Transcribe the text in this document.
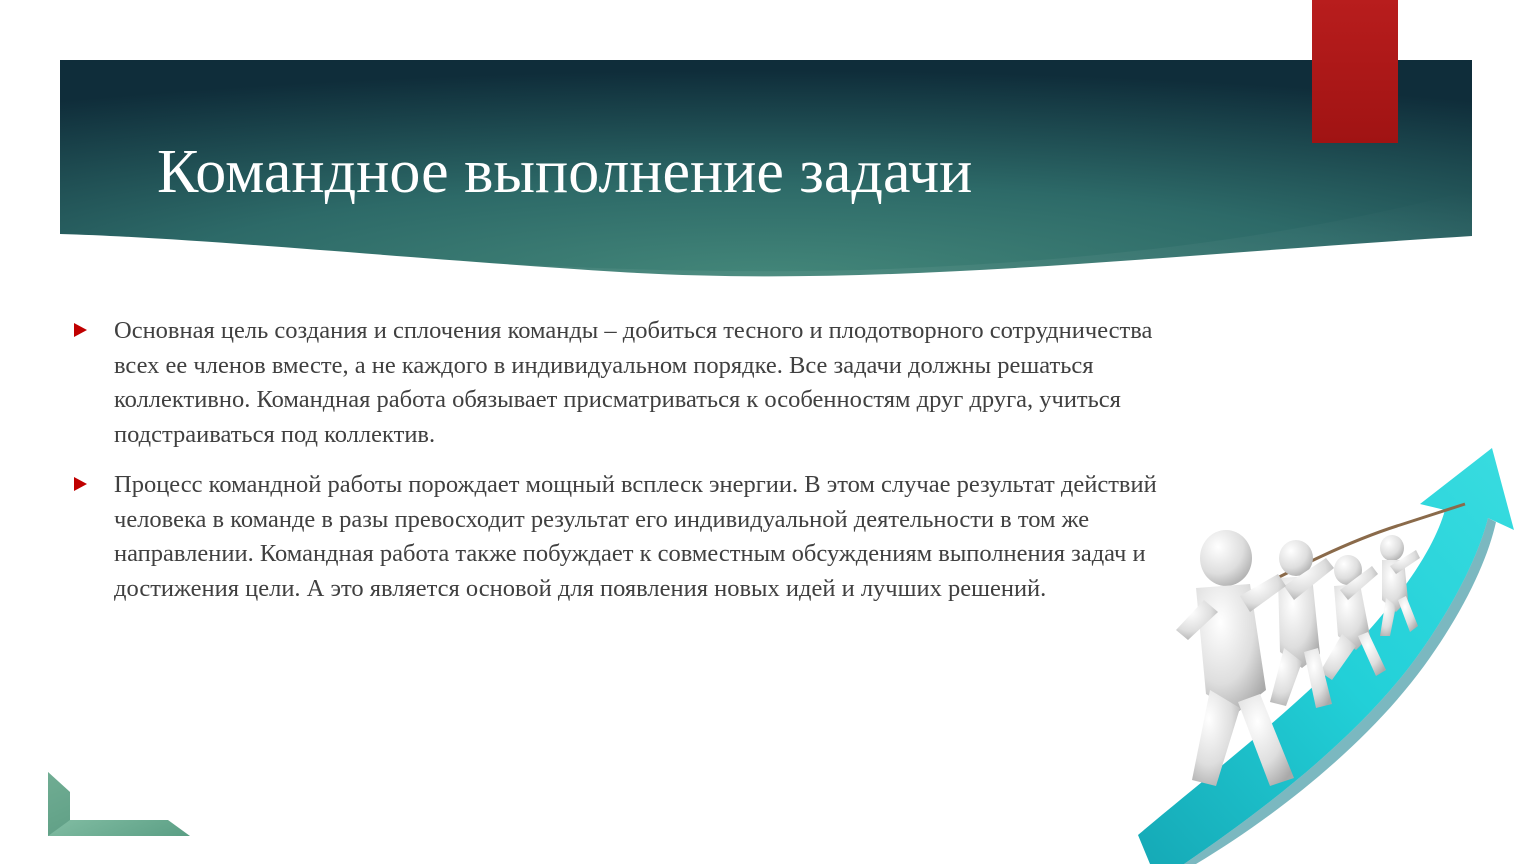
Командное выполнение задачи
Основная цель создания и сплочения команды – добиться тесного и плодотворного сотрудничества всех ее членов вместе, а не каждого в индивидуальном порядке. Все задачи должны решаться коллективно. Командная работа обязывает присматриваться к особенностям друг друга, учиться подстраиваться под коллектив.
Процесс командной работы порождает мощный всплеск энергии. В этом случае результат действий человека в команде в разы превосходит результат его индивидуальной деятельности в том же направлении. Командная работа также побуждает к совместным обсуждениям выполнения задач и достижения цели. А это является основой для появления новых идей и лучших решений.
